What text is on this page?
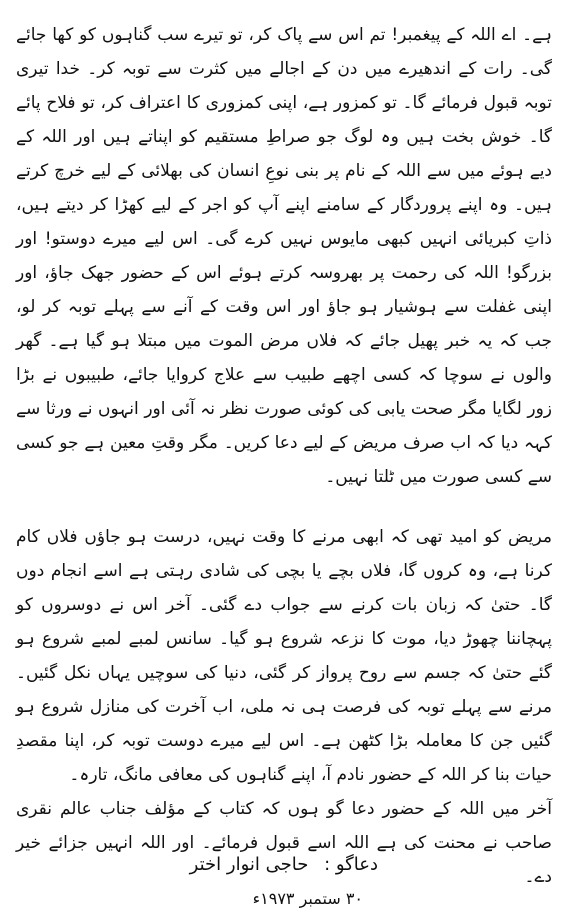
ہے۔ اے اللہ کے پیغمبر! تم اس سے پاک کر، تو تیرے سب گناہوں کو کھا جائے گی۔ رات کے اندھیرے میں دن کے اجالے میں کثرت سے توبہ کر۔ خدا تیری توبہ قبول فرمائے گا۔ تو کمزور ہے، اپنی کمزوری کا اعتراف کر، تو فلاح پائے گا۔ خوش بخت ہیں وہ لوگ جو صراطِ مستقیم کو اپناتے ہیں اور اللہ کے دیے ہوئے میں سے اللہ کے نام پر بنی نوعِ انسان کی بھلائی کے لیے خرچ کرتے ہیں۔ وہ اپنے پروردگار کے سامنے اپنے آپ کو اجر کے لیے کھڑا کر دیتے ہیں، ذاتِ کبریائی انہیں کبھی مایوس نہیں کرے گی۔ اس لیے میرے دوستو! اور بزرگو! اللہ کی رحمت پر بھروسہ کرتے ہوئے اس کے حضور جھک جاؤ، اور اپنی غفلت سے ہوشیار ہو جاؤ اور اس وقت کے آنے سے پہلے توبہ کر لو، جب کہ یہ خبر پھیل جائے کہ فلاں مرض الموت میں مبتلا ہو گیا ہے۔ گھر والوں نے سوچا کہ کسی اچھے طبیب سے علاج کروایا جائے، طبیبوں نے بڑا زور لگایا مگر صحت یابی کی کوئی صورت نظر نہ آئی اور انہوں نے ورثا سے کہہ دیا کہ اب صرف مریض کے لیے دعا کریں۔ مگر وقتِ معین ہے جو کسی سے کسی صورت میں ٹلتا نہیں۔

مریض کو امید تھی کہ ابھی مرنے کا وقت نہیں، درست ہو جاؤں فلاں کام کرنا ہے، وہ کروں گا، فلاں بچے یا بچی کی شادی رہتی ہے اسے انجام دوں گا۔ حتیٰ کہ زبان بات کرنے سے جواب دے گئی۔ آخر اس نے دوسروں کو پہچاننا چھوڑ دیا، موت کا نزعہ شروع ہو گیا۔ سانس لمبے لمبے شروع ہو گئے حتیٰ کہ جسم سے روح پرواز کر گئی، دنیا کی سوچیں یہاں نکل گئیں۔ مرنے سے پہلے توبہ کی فرصت ہی نہ ملی، اب آخرت کی منازل شروع ہو گئیں جن کا معاملہ بڑا کٹھن ہے۔ اس لیے میرے دوست توبہ کر، اپنا مقصدِ حیات بنا کر اللہ کے حضور نادم آ، اپنے گناہوں کی معافی مانگ، تارہ۔

آخر میں اللہ کے حضور دعا گو ہوں کہ کتاب کے مؤلف جناب عالم نقری صاحب نے محنت کی ہے اللہ اسے قبول فرمائے۔ اور اللہ انہیں جزائے خیر دے۔

دعاگو : حاجی انوار اختر
۳۰ ستمبر ۱۹۷۳ء
